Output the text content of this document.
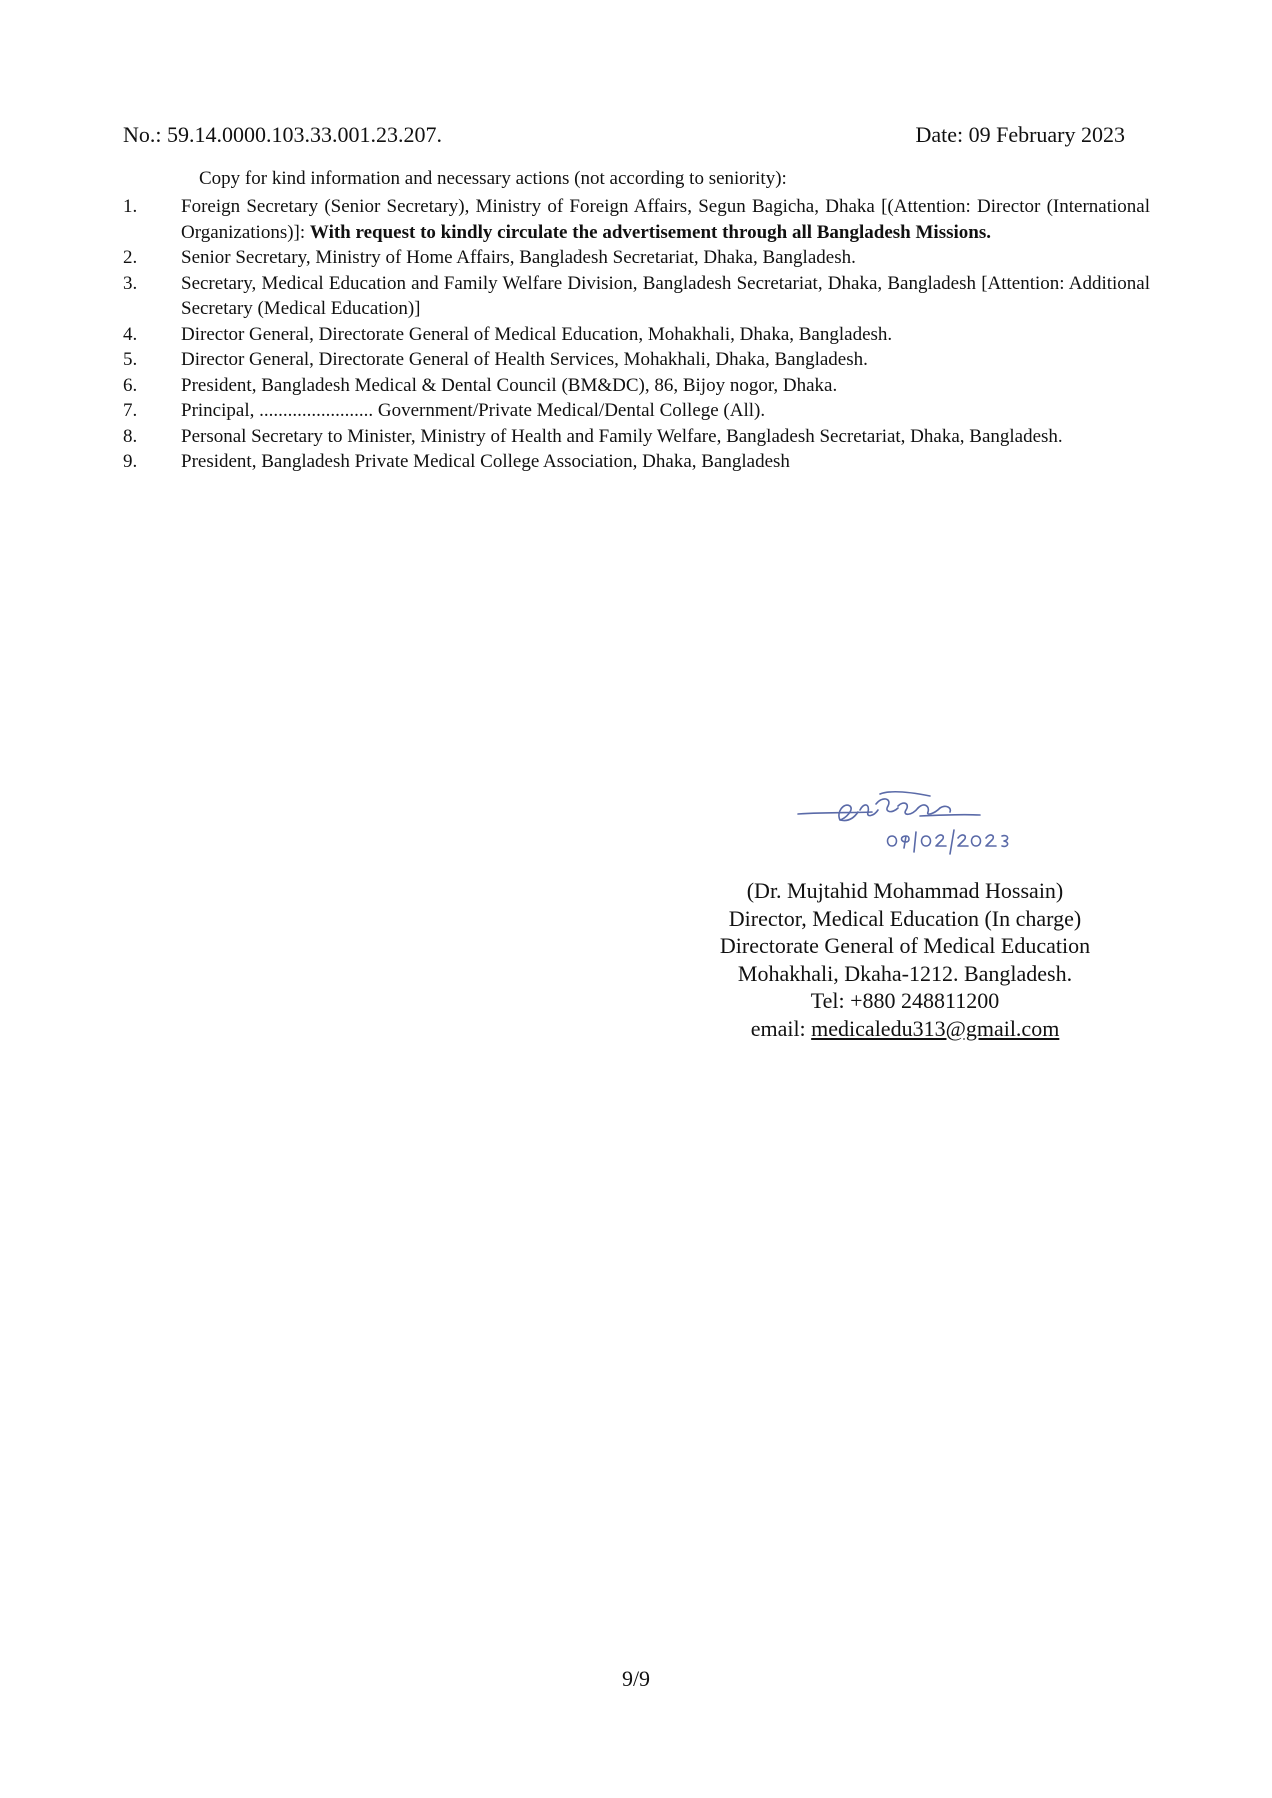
No.: 59.14.0000.103.33.001.23.207.	Date: 09 February 2023
Copy for kind information and necessary actions (not according to seniority):
1. Foreign Secretary (Senior Secretary), Ministry of Foreign Affairs, Segun Bagicha, Dhaka [(Attention: Director (International Organizations)]: With request to kindly circulate the advertisement through all Bangladesh Missions.
2. Senior Secretary, Ministry of Home Affairs, Bangladesh Secretariat, Dhaka, Bangladesh.
3. Secretary, Medical Education and Family Welfare Division, Bangladesh Secretariat, Dhaka, Bangladesh [Attention: Additional Secretary (Medical Education)]
4. Director General, Directorate General of Medical Education, Mohakhali, Dhaka, Bangladesh.
5. Director General, Directorate General of Health Services, Mohakhali, Dhaka, Bangladesh.
6. President, Bangladesh Medical & Dental Council (BM&DC), 86, Bijoy nogor, Dhaka.
7. Principal, ........................ Government/Private Medical/Dental College (All).
8. Personal Secretary to Minister, Ministry of Health and Family Welfare, Bangladesh Secretariat, Dhaka, Bangladesh.
9. President, Bangladesh Private Medical College Association, Dhaka, Bangladesh
(Dr. Mujtahid Mohammad Hossain)
Director, Medical Education (In charge)
Directorate General of Medical Education
Mohakhali, Dkaha-1212. Bangladesh.
Tel: +880 248811200
email: medicaledu313@gmail.com
9/9
